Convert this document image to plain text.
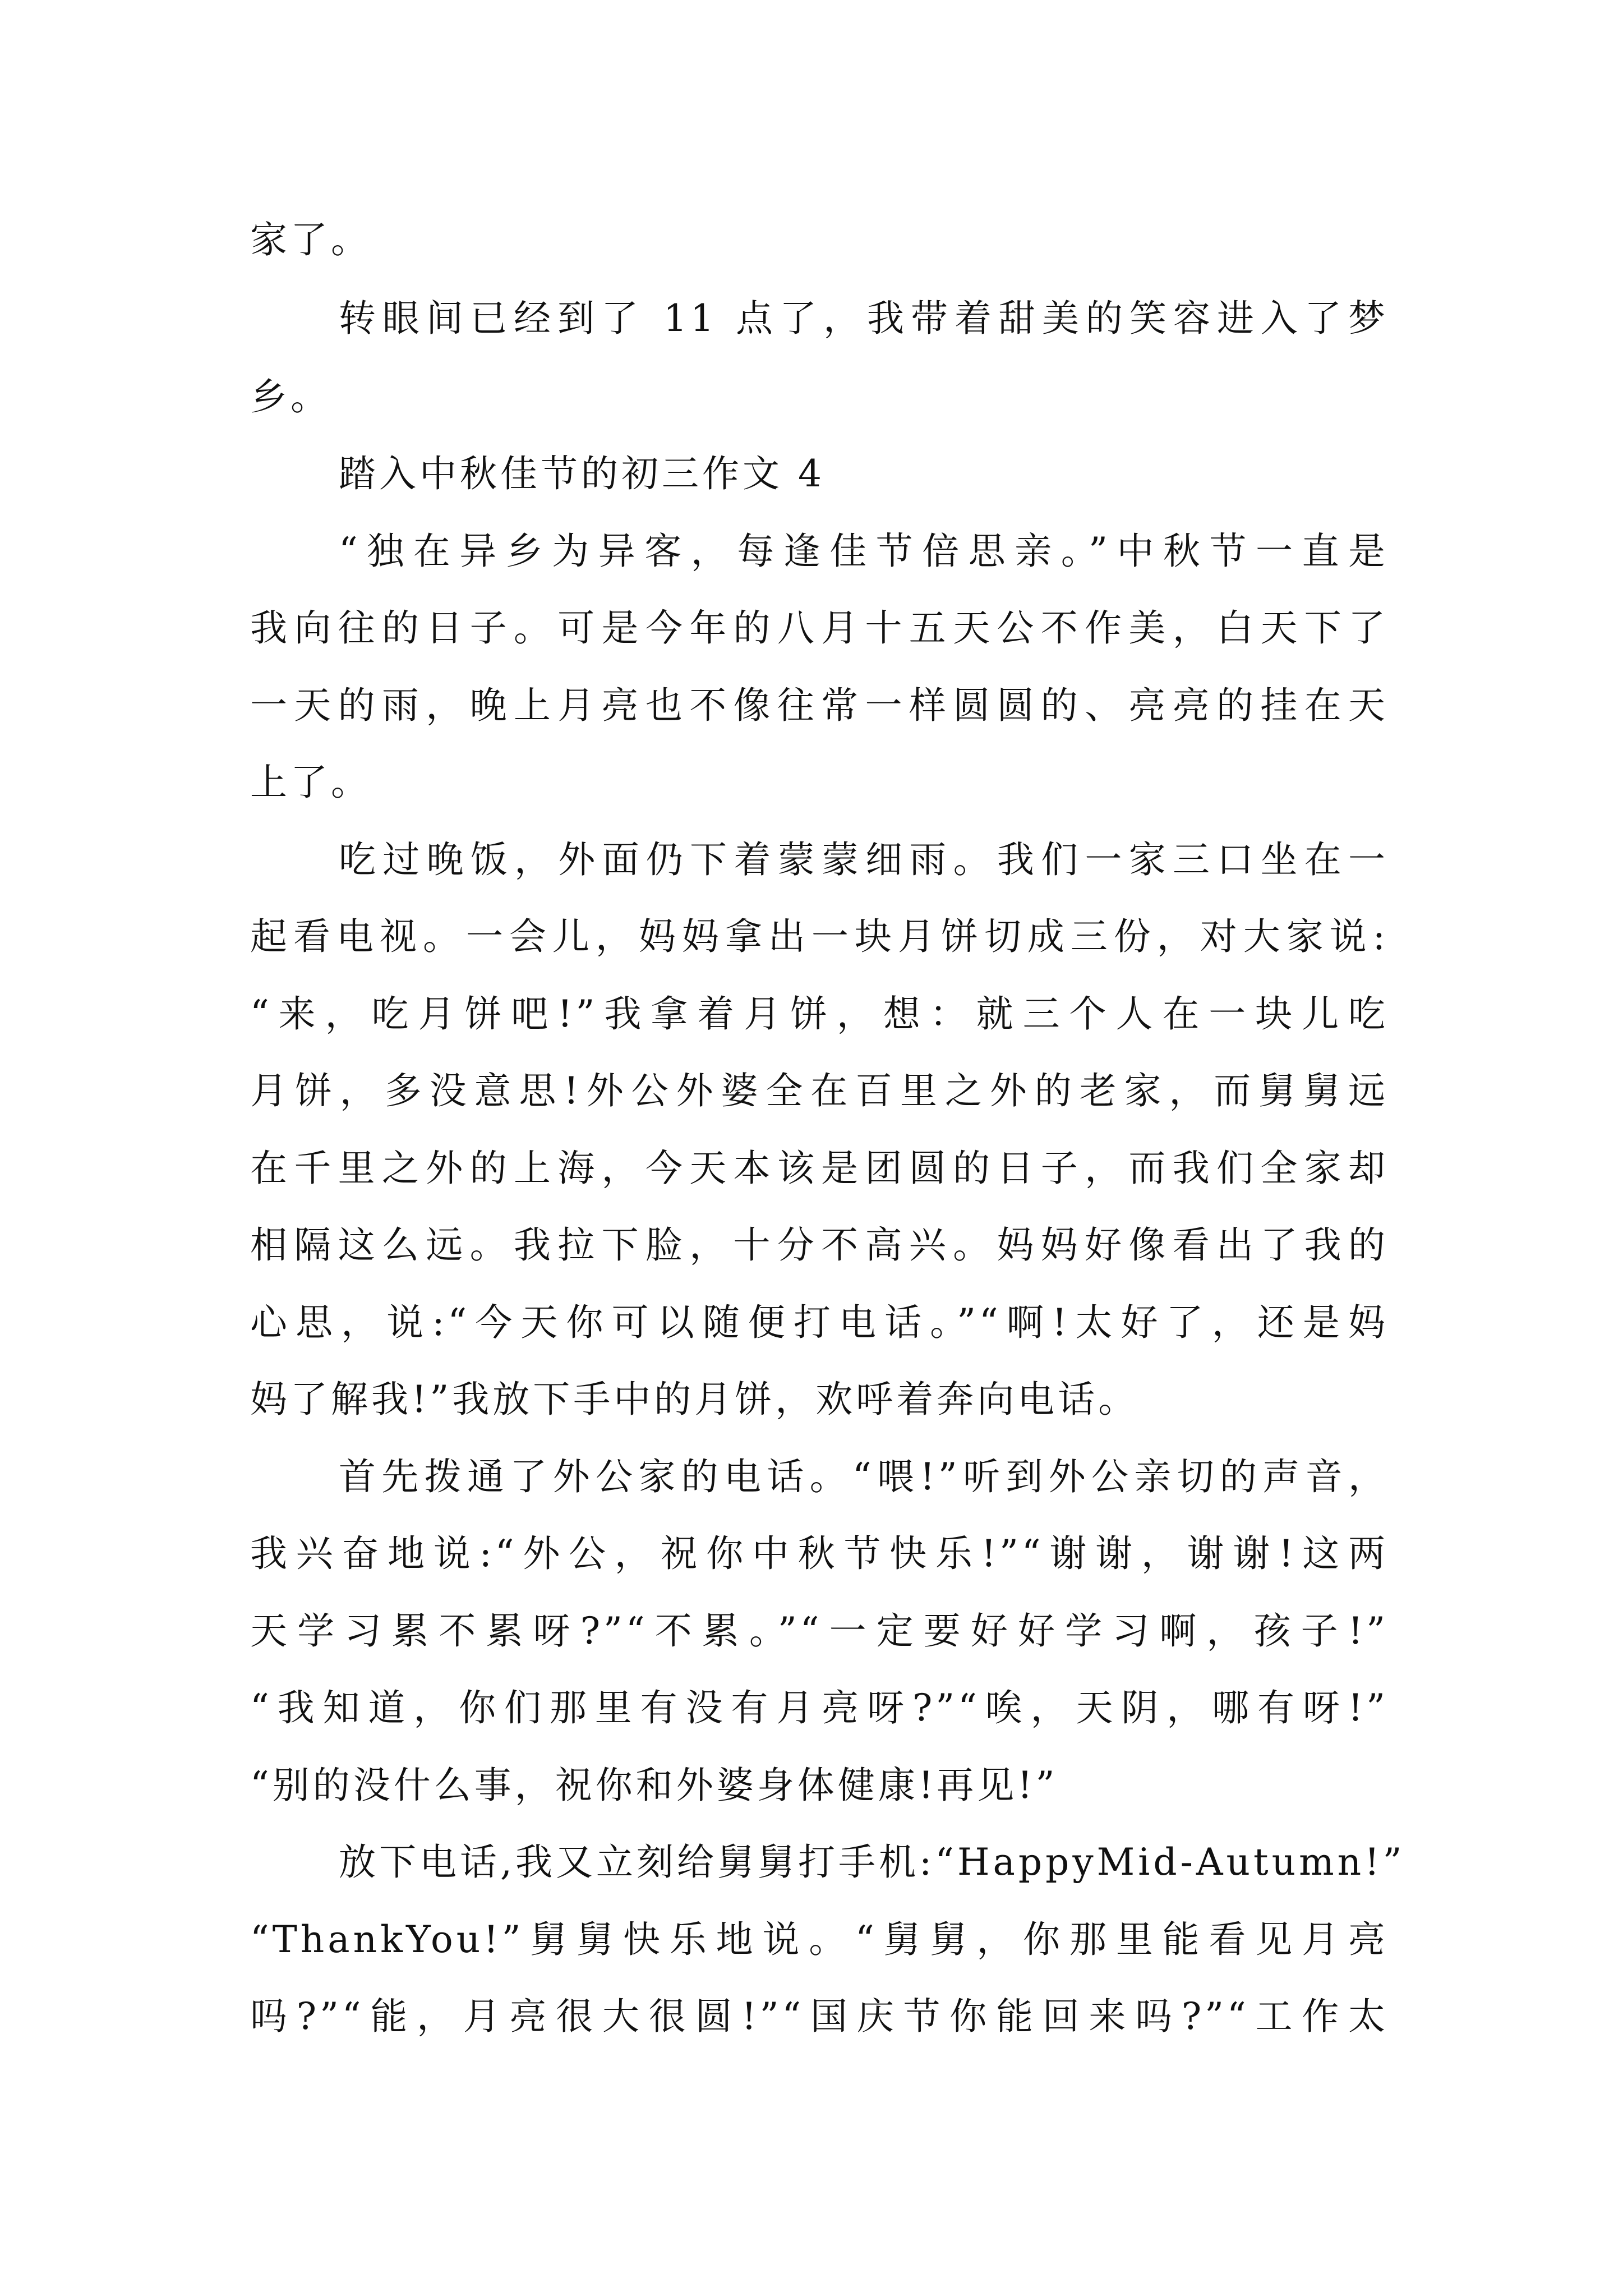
家了。
转眼间已经到了 11 点了，我带着甜美的笑容进入了梦
乡。
踏入中秋佳节的初三作文 4
“独在异乡为异客，每逢佳节倍思亲。”中秋节一直是
我向往的日子。可是今年的八月十五天公不作美，白天下了
一天的雨，晚上月亮也不像往常一样圆圆的、亮亮的挂在天
上了。
吃过晚饭，外面仍下着蒙蒙细雨。我们一家三口坐在一
起看电视。一会儿，妈妈拿出一块月饼切成三份，对大家说:
“来，吃月饼吧!”我拿着月饼，想：就三个人在一块儿吃
月饼，多没意思!外公外婆全在百里之外的老家，而舅舅远
在千里之外的上海，今天本该是团圆的日子，而我们全家却
相隔这么远。我拉下脸，十分不高兴。妈妈好像看出了我的
心思，说:“今天你可以随便打电话。”“啊!太好了，还是妈
妈了解我!”我放下手中的月饼，欢呼着奔向电话。
首先拨通了外公家的电话。“喂!”听到外公亲切的声音，
我兴奋地说:“外公，祝你中秋节快乐!”“谢谢，谢谢!这两
天学习累不累呀?”“不累。”“一定要好好学习啊，孩子!”
“我知道，你们那里有没有月亮呀?”“唉，天阴，哪有呀!”
“别的没什么事，祝你和外婆身体健康!再见!”
放下电话,我又立刻给舅舅打手机:“HappyMid-Autumn!”
“ThankYou!”舅舅快乐地说。“舅舅，你那里能看见月亮
吗?”“能，月亮很大很圆!”“国庆节你能回来吗?”“工作太
